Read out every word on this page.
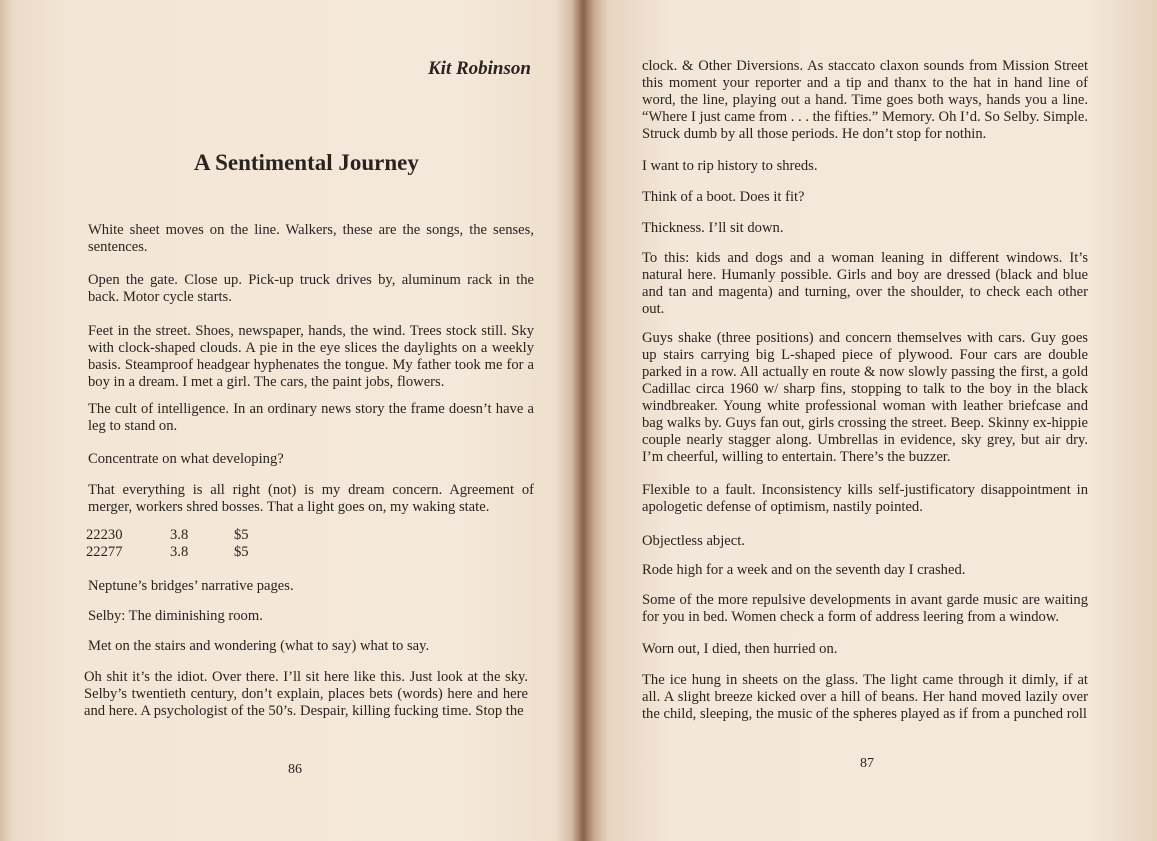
Kit Robinson
A Sentimental Journey

White sheet moves on the line. Walkers, these are the songs, the senses, sentences.

Open the gate. Close up. Pick-up truck drives by, aluminum rack in the back. Motor cycle starts.

Feet in the street. Shoes, newspaper, hands, the wind. Trees stock still. Sky with clock-shaped clouds. A pie in the eye slices the daylights on a weekly basis. Steamproof headgear hyphenates the tongue. My father took me for a boy in a dream. I met a girl. The cars, the paint jobs, flowers.

The cult of intelligence. In an ordinary news story the frame doesn’t have a leg to stand on.

Concentrate on what developing?

That everything is all right (not) is my dream concern. Agreement of merger, workers shred bosses. That a light goes on, my waking state.

22230	3.8	$5
22277	3.8	$5

Neptune’s bridges’ narrative pages.

Selby: The diminishing room.

Met on the stairs and wondering (what to say) what to say.

Oh shit it’s the idiot. Over there. I’ll sit here like this. Just look at the sky. Selby’s twentieth century, don’t explain, places bets (words) here and here and here. A psychologist of the 50’s. Despair, killing fucking time. Stop the

86

clock. & Other Diversions. As staccato claxon sounds from Mission Street this moment your reporter and a tip and thanx to the hat in hand line of word, the line, playing out a hand. Time goes both ways, hands you a line. “Where I just came from . . . the fifties.” Memory. Oh I’d. So Selby. Simple. Struck dumb by all those periods. He don’t stop for nothin.

I want to rip history to shreds.

Think of a boot. Does it fit?

Thickness. I’ll sit down.

To this: kids and dogs and a woman leaning in different windows. It’s natural here. Humanly possible. Girls and boy are dressed (black and blue and tan and magenta) and turning, over the shoulder, to check each other out.

Guys shake (three positions) and concern themselves with cars. Guy goes up stairs carrying big L-shaped piece of plywood. Four cars are double parked in a row. All actually en route & now slowly passing the first, a gold Cadillac circa 1960 w/ sharp fins, stopping to talk to the boy in the black windbreaker. Young white professional woman with leather briefcase and bag walks by. Guys fan out, girls crossing the street. Beep. Skinny ex-hippie couple nearly stagger along. Umbrellas in evidence, sky grey, but air dry. I’m cheerful, willing to entertain. There’s the buzzer.

Flexible to a fault. Inconsistency kills self-justificatory disappointment in apologetic defense of optimism, nastily pointed.

Objectless abject.

Rode high for a week and on the seventh day I crashed.

Some of the more repulsive developments in avant garde music are waiting for you in bed. Women check a form of address leering from a window.

Worn out, I died, then hurried on.

The ice hung in sheets on the glass. The light came through it dimly, if at all. A slight breeze kicked over a hill of beans. Her hand moved lazily over the child, sleeping, the music of the spheres played as if from a punched roll

87
